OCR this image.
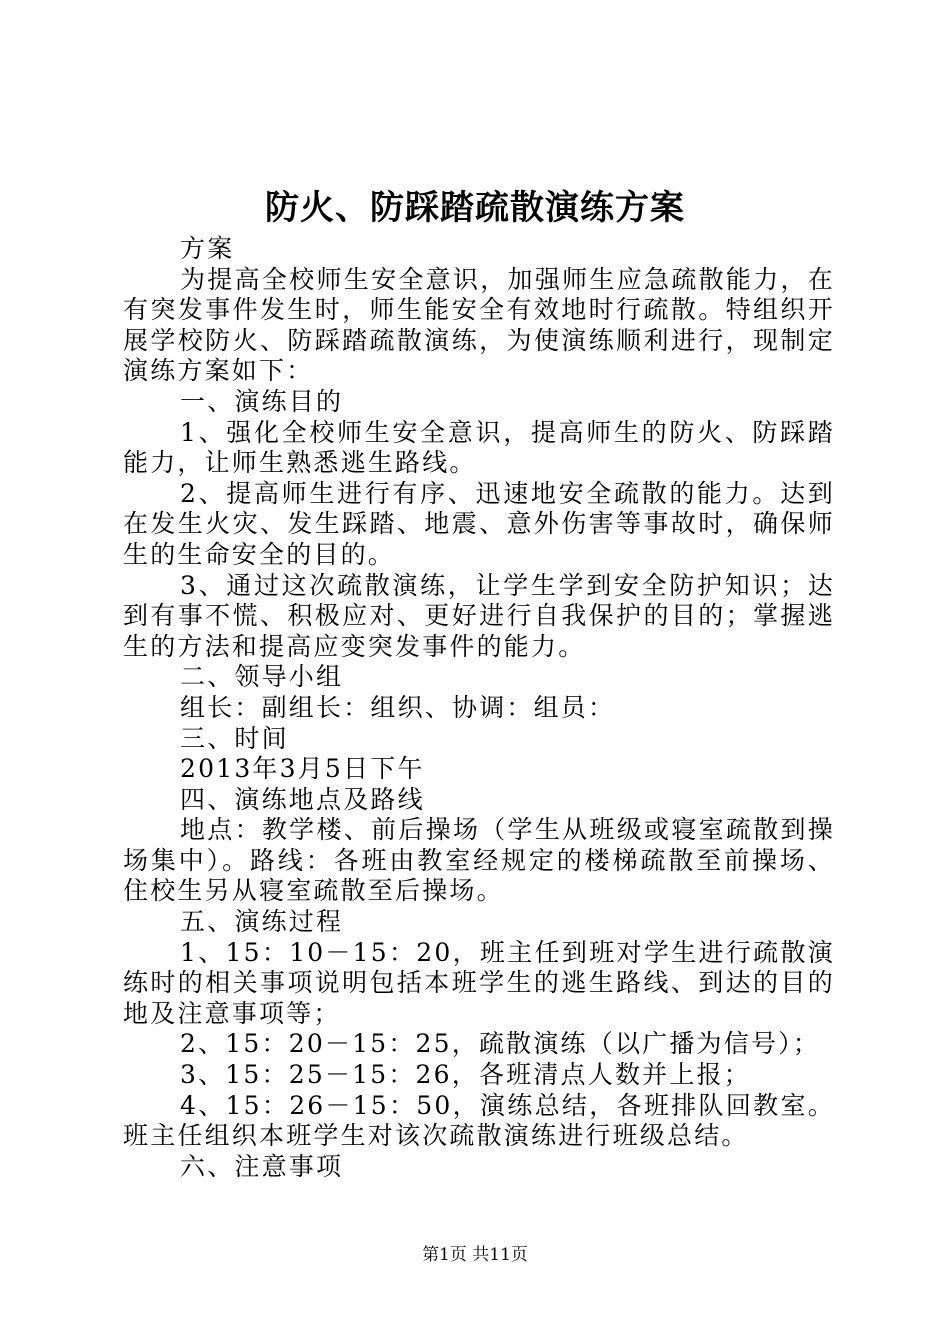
防火、防踩踏疏散演练方案

方案

为提高全校师生安全意识，加强师生应急疏散能力，在有突发事件发生时，师生能安全有效地时行疏散。特组织开展学校防火、防踩踏疏散演练，为使演练顺利进行，现制定演练方案如下：

一、演练目的

1、强化全校师生安全意识，提高师生的防火、防踩踏能力，让师生熟悉逃生路线。

2、提高师生进行有序、迅速地安全疏散的能力。达到在发生火灾、发生踩踏、地震、意外伤害等事故时，确保师生的生命安全的目的。

3、通过这次疏散演练，让学生学到安全防护知识；达到有事不慌、积极应对、更好进行自我保护的目的；掌握逃生的方法和提高应变突发事件的能力。

二、领导小组

组长：副组长：组织、协调：组员：

三、时间

2013年3月5日下午

四、演练地点及路线

地点：教学楼、前后操场（学生从班级或寝室疏散到操场集中）。路线：各班由教室经规定的楼梯疏散至前操场、住校生另从寝室疏散至后操场。

五、演练过程

1、15：10－15：20，班主任到班对学生进行疏散演练时的相关事项说明包括本班学生的逃生路线、到达的目的地及注意事项等；

2、15：20－15：25，疏散演练（以广播为信号）；

3、15：25－15：26，各班清点人数并上报；

4、15：26－15：50，演练总结，各班排队回教室。班主任组织本班学生对该次疏散演练进行班级总结。

六、注意事项

第1页 共11页
